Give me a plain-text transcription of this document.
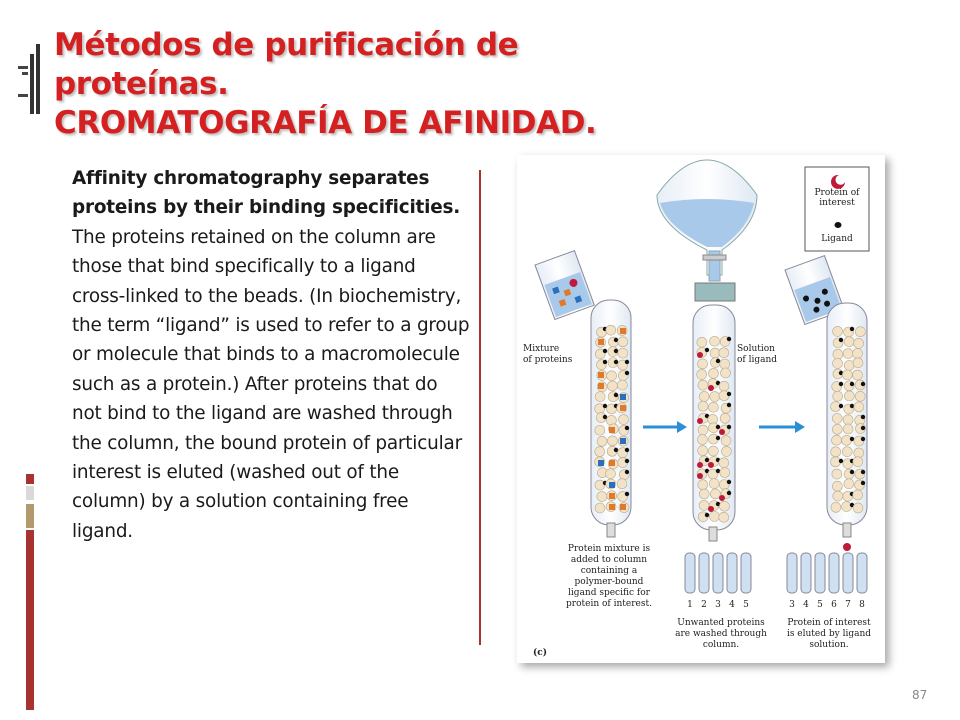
Métodos de purificación de proteínas.
CROMATOGRAFÍA DE AFINIDAD.
Affinity chromatography separates proteins by their binding specificities. The proteins retained on the column are those that bind specifically to a ligand cross-linked to the beads. (In biochemistry, the term “ligand” is used to refer to a group or molecule that binds to a macromolecule such as a protein.) After proteins that do not bind to the ligand are washed through the column, the bound protein of particular interest is eluted (washed out of the column) by a solution containing free ligand.
Protein of
interest
Ligand
Mixture
of proteins
Solution
of ligand
1 2 3 4 5	3 4 5 6 7 8
Protein mixture is
added to column
containing a
polymer-bound
ligand specific for
protein of interest.
Unwanted proteins
are washed through
column.
Protein of interest
is eluted by ligand
solution.
(c)
87
